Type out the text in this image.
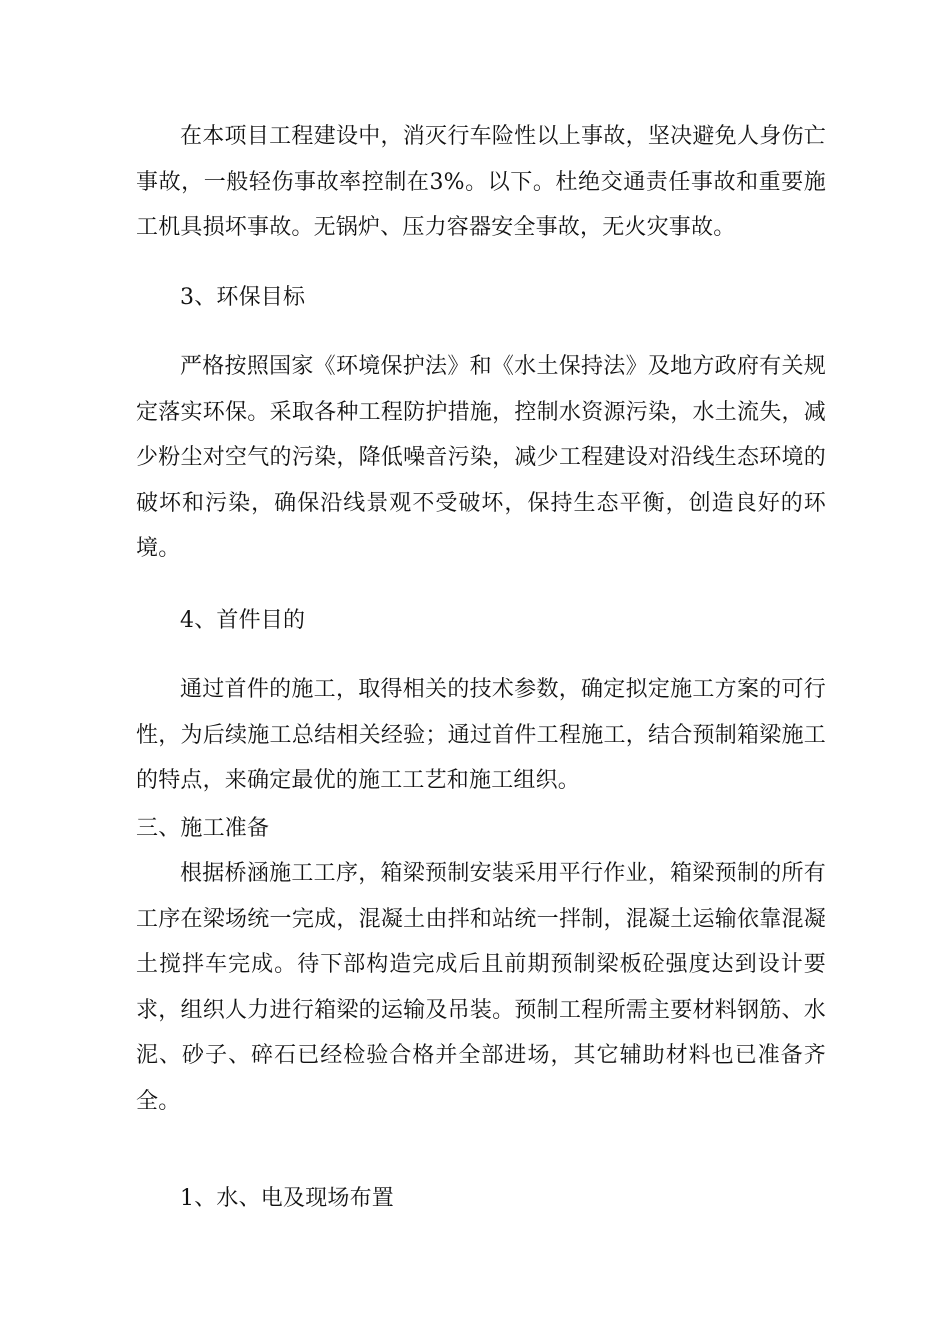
在本项目工程建设中，消灭行车险性以上事故，坚决避免人身伤亡事故，一般轻伤事故率控制在3%。以下。杜绝交通责任事故和重要施工机具损坏事故。无锅炉、压力容器安全事故，无火灾事故。

3、环保目标

严格按照国家《环境保护法》和《水土保持法》及地方政府有关规定落实环保。采取各种工程防护措施，控制水资源污染，水土流失，减少粉尘对空气的污染，降低噪音污染，减少工程建设对沿线生态环境的破坏和污染，确保沿线景观不受破坏，保持生态平衡，创造良好的环境。

4、首件目的

通过首件的施工，取得相关的技术参数，确定拟定施工方案的可行性，为后续施工总结相关经验；通过首件工程施工，结合预制箱梁施工的特点，来确定最优的施工工艺和施工组织。

三、施工准备

根据桥涵施工工序，箱梁预制安装采用平行作业，箱梁预制的所有工序在梁场统一完成，混凝土由拌和站统一拌制，混凝土运输依靠混凝土搅拌车完成。待下部构造完成后且前期预制梁板砼强度达到设计要求，组织人力进行箱梁的运输及吊装。预制工程所需主要材料钢筋、水泥、砂子、碎石已经检验合格并全部进场，其它辅助材料也已准备齐全。

1、水、电及现场布置
